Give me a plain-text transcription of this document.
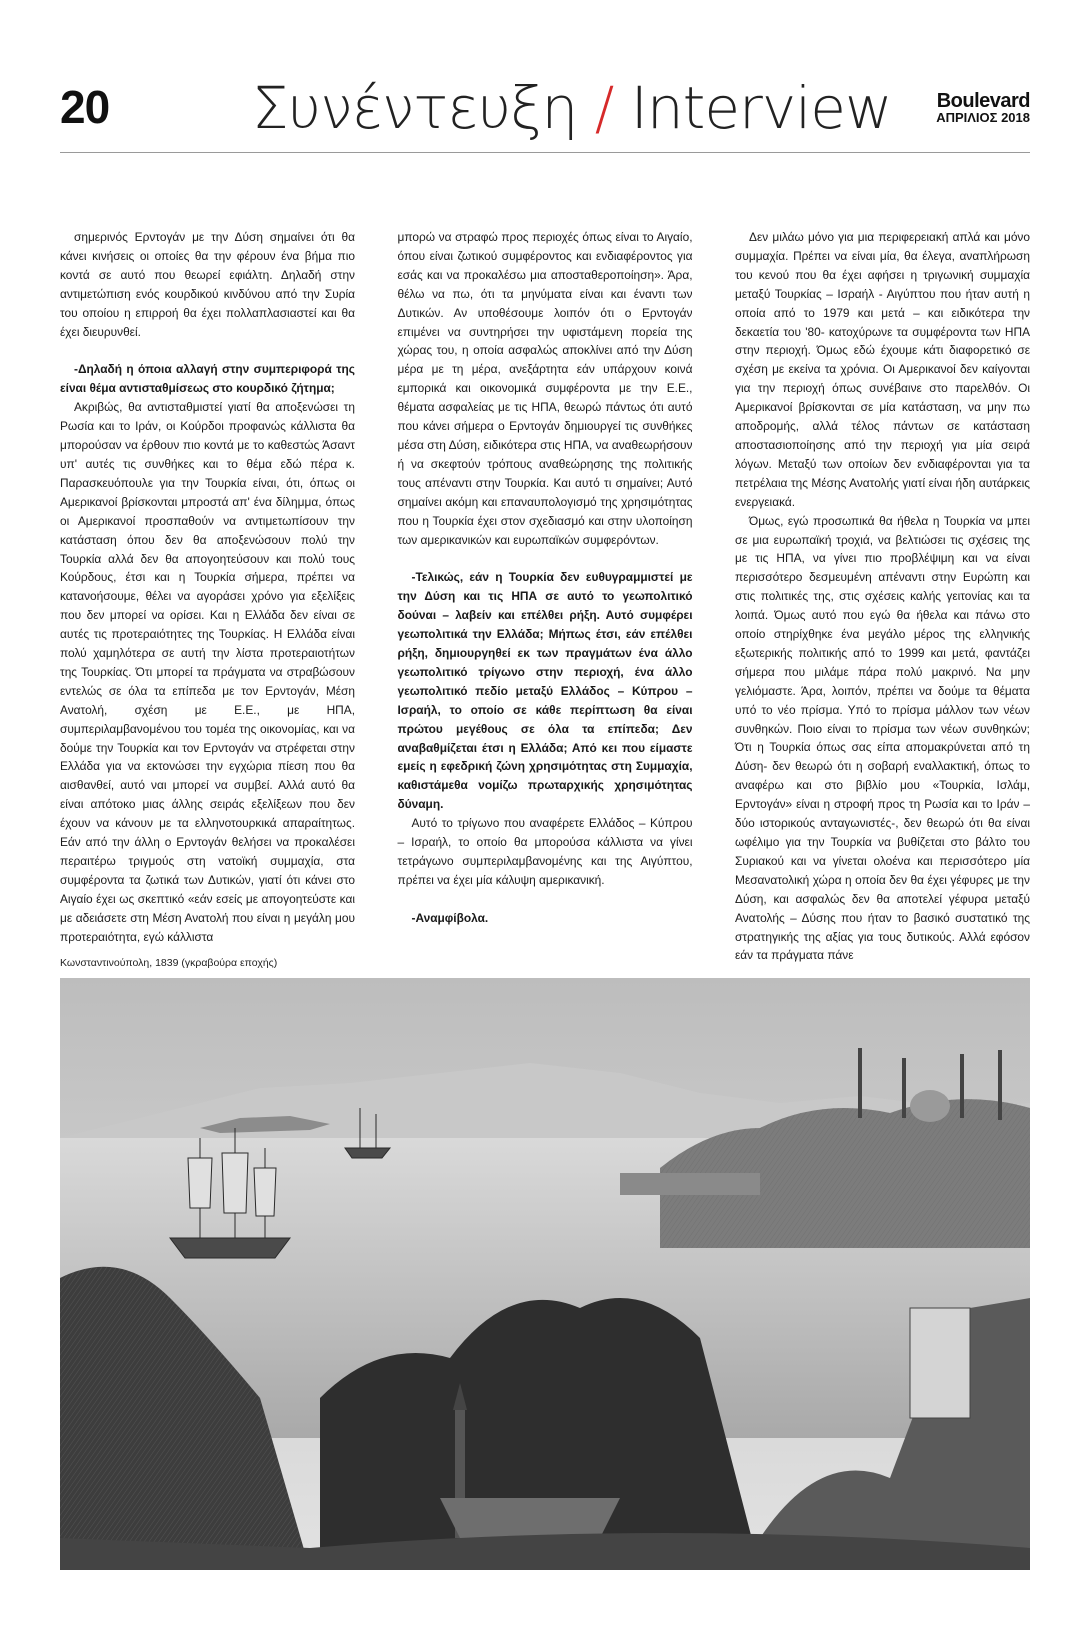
20 Συνέντευξη / Interview Boulevard
ΑΠΡΙΛΙΟΣ 2018

σημερινός Ερντογάν με την Δύση σημαίνει ότι θα κάνει κινήσεις οι οποίες θα την φέρουν ένα βήμα πιο κοντά σε αυτό που θεωρεί εφιάλτη. Δηλαδή στην αντιμετώπιση ενός κουρδικού κινδύνου από την Συρία του οποίου η επιρροή θα έχει πολλαπλασιαστεί και θα έχει διευρυνθεί.

-Δηλαδή η όποια αλλαγή στην συμπεριφορά της είναι θέμα αντισταθμίσεως στο κουρδικό ζήτημα;

Ακριβώς, θα αντισταθμιστεί γιατί θα αποξενώσει τη Ρωσία και το Ιράν, οι Κούρδοι προφανώς κάλλιστα θα μπορούσαν να έρθουν πιο κοντά με το καθεστώς Άσαντ υπ' αυτές τις συνθήκες και το θέμα εδώ πέρα κ. Παρασκευόπουλε για την Τουρκία είναι, ότι, όπως οι Αμερικανοί βρίσκονται μπροστά απ' ένα δίλημμα, όπως οι Αμερικανοί προσπαθούν να αντιμετωπίσουν την κατάσταση όπου δεν θα αποξενώσουν πολύ την Τουρκία αλλά δεν θα απογοητεύσουν και πολύ τους Κούρδους, έτσι και η Τουρκία σήμερα, πρέπει να κατανοήσουμε, θέλει να αγοράσει χρόνο για εξελίξεις που δεν μπορεί να ορίσει. Και η Ελλάδα δεν είναι σε αυτές τις προτεραιότητες της Τουρκίας. Η Ελλάδα είναι πολύ χαμηλότερα σε αυτή την λίστα προτεραιοτήτων της Τουρκίας. Ότι μπορεί τα πράγματα να στραβώσουν εντελώς σε όλα τα επίπεδα με τον Ερντογάν, Μέση Ανατολή, σχέση με Ε.Ε., με ΗΠΑ, συμπεριλαμβανομένου του τομέα της οικονομίας, και να δούμε την Τουρκία και τον Ερντογάν να στρέφεται στην Ελλάδα για να εκτονώσει την εγχώρια πίεση που θα αισθανθεί, αυτό ναι μπορεί να συμβεί. Αλλά αυτό θα είναι απότοκο μιας άλλης σειράς εξελίξεων που δεν έχουν να κάνουν με τα ελληνοτουρκικά απαραίτητως. Εάν από την άλλη ο Ερντογάν θελήσει να προκαλέσει περαιτέρω τριγμούς στη νατοϊκή συμμαχία, στα συμφέροντα τα ζωτικά των Δυτικών, γιατί ότι κάνει στο Αιγαίο έχει ως σκεπτικό «εάν εσείς με απογοητεύστε και με αδειάσετε στη Μέση Ανατολή που είναι η μεγάλη μου προτεραιότητα, εγώ κάλλιστα

μπορώ να στραφώ προς περιοχές όπως είναι το Αιγαίο, όπου είναι ζωτικού συμφέροντος και ενδιαφέροντος για εσάς και να προκαλέσω μια αποσταθεροποίηση». Άρα, θέλω να πω, ότι τα μηνύματα είναι και έναντι των Δυτικών. Αν υποθέσουμε λοιπόν ότι ο Ερντογάν επιμένει να συντηρήσει την υφιστάμενη πορεία της χώρας του, η οποία ασφαλώς αποκλίνει από την Δύση μέρα με τη μέρα, ανεξάρτητα εάν υπάρχουν κοινά εμπορικά και οικονομικά συμφέροντα με την Ε.Ε., θέματα ασφαλείας με τις ΗΠΑ, θεωρώ πάντως ότι αυτό που κάνει σήμερα ο Ερντογάν δημιουργεί τις συνθήκες μέσα στη Δύση, ειδικότερα στις ΗΠΑ, να αναθεωρήσουν ή να σκεφτούν τρόπους αναθεώρησης της πολιτικής τους απέναντι στην Τουρκία. Και αυτό τι σημαίνει; Αυτό σημαίνει ακόμη και επαναυπολογισμό της χρησιμότητας που η Τουρκία έχει στον σχεδιασμό και στην υλοποίηση των αμερικανικών και ευρωπαϊκών συμφερόντων.

-Τελικώς, εάν η Τουρκία δεν ευθυγραμμιστεί με την Δύση και τις ΗΠΑ σε αυτό το γεωπολιτικό δούναι – λαβείν και επέλθει ρήξη. Αυτό συμφέρει γεωπολιτικά την Ελλάδα; Μήπως έτσι, εάν επέλθει ρήξη, δημιουργηθεί εκ των πραγμάτων ένα άλλο γεωπολιτικό τρίγωνο στην περιοχή, ένα άλλο γεωπολιτικό πεδίο μεταξύ Ελλάδος – Κύπρου – Ισραήλ, το οποίο σε κάθε περίπτωση θα είναι πρώτου μεγέθους σε όλα τα επίπεδα; Δεν αναβαθμίζεται έτσι η Ελλάδα; Από κει που είμαστε εμείς η εφεδρική ζώνη χρησιμότητας στη Συμμαχία, καθιστάμεθα νομίζω πρωταρχικής χρησιμότητας δύναμη.

Αυτό το τρίγωνο που αναφέρετε Ελλάδος – Κύπρου – Ισραήλ, το οποίο θα μπορούσα κάλλιστα να γίνει τετράγωνο συμπεριλαμβανομένης και της Αιγύπτου, πρέπει να έχει μία κάλυψη αμερικανική.

-Αναμφίβολα.

Δεν μιλάω μόνο για μια περιφερειακή απλά και μόνο συμμαχία. Πρέπει να είναι μία, θα έλεγα, αναπλήρωση του κενού που θα έχει αφήσει η τριγωνική συμμαχία μεταξύ Τουρκίας – Ισραήλ - Αιγύπτου που ήταν αυτή η οποία από το 1979 και μετά – και ειδικότερα την δεκαετία του '80- κατοχύρωνε τα συμφέροντα των ΗΠΑ στην περιοχή. Όμως εδώ έχουμε κάτι διαφορετικό σε σχέση με εκείνα τα χρόνια. Οι Αμερικανοί δεν καίγονται για την περιοχή όπως συνέβαινε στο παρελθόν. Οι Αμερικανοί βρίσκονται σε μία κατάσταση, να μην πω αποδρομής, αλλά τέλος πάντων σε κατάσταση αποστασιοποίησης από την περιοχή για μία σειρά λόγων. Μεταξύ των οποίων δεν ενδιαφέρονται για τα πετρέλαια της Μέσης Ανατολής γιατί είναι ήδη αυτάρκεις ενεργειακά.

Όμως, εγώ προσωπικά θα ήθελα η Τουρκία να μπει σε μια ευρωπαϊκή τροχιά, να βελτιώσει τις σχέσεις της με τις ΗΠΑ, να γίνει πιο προβλέψιμη και να είναι περισσότερο δεσμευμένη απέναντι στην Ευρώπη και στις πολιτικές της, στις σχέσεις καλής γειτονίας και τα λοιπά. Όμως αυτό που εγώ θα ήθελα και πάνω στο οποίο στηρίχθηκε ένα μεγάλο μέρος της ελληνικής εξωτερικής πολιτικής από το 1999 και μετά, φαντάζει σήμερα που μιλάμε πάρα πολύ μακρινό. Να μην γελιόμαστε. Άρα, λοιπόν, πρέπει να δούμε τα θέματα υπό το νέο πρίσμα. Υπό το πρίσμα μάλλον των νέων συνθηκών. Ποιο είναι το πρίσμα των νέων συνθηκών; Ότι η Τουρκία όπως σας είπα απομακρύνεται από τη Δύση- δεν θεωρώ ότι η σοβαρή εναλλακτική, όπως το αναφέρω και στο βιβλίο μου «Τουρκία, Ισλάμ, Ερντογάν» είναι η στροφή προς τη Ρωσία και το Ιράν – δύο ιστορικούς ανταγωνιστές-, δεν θεωρώ ότι θα είναι ωφέλιμο για την Τουρκία να βυθίζεται στο βάλτο του Συριακού και να γίνεται ολοένα και περισσότερο μία Μεσανατολική χώρα η οποία δεν θα έχει γέφυρες με την Δύση, και ασφαλώς δεν θα αποτελεί γέφυρα μεταξύ Ανατολής – Δύσης που ήταν το βασικό συστατικό της στρατηγικής της αξίας για τους δυτικούς. Αλλά εφόσον εάν τα πράγματα πάνε

Κωνσταντινούπολη, 1839 (γκραβούρα εποχής)
